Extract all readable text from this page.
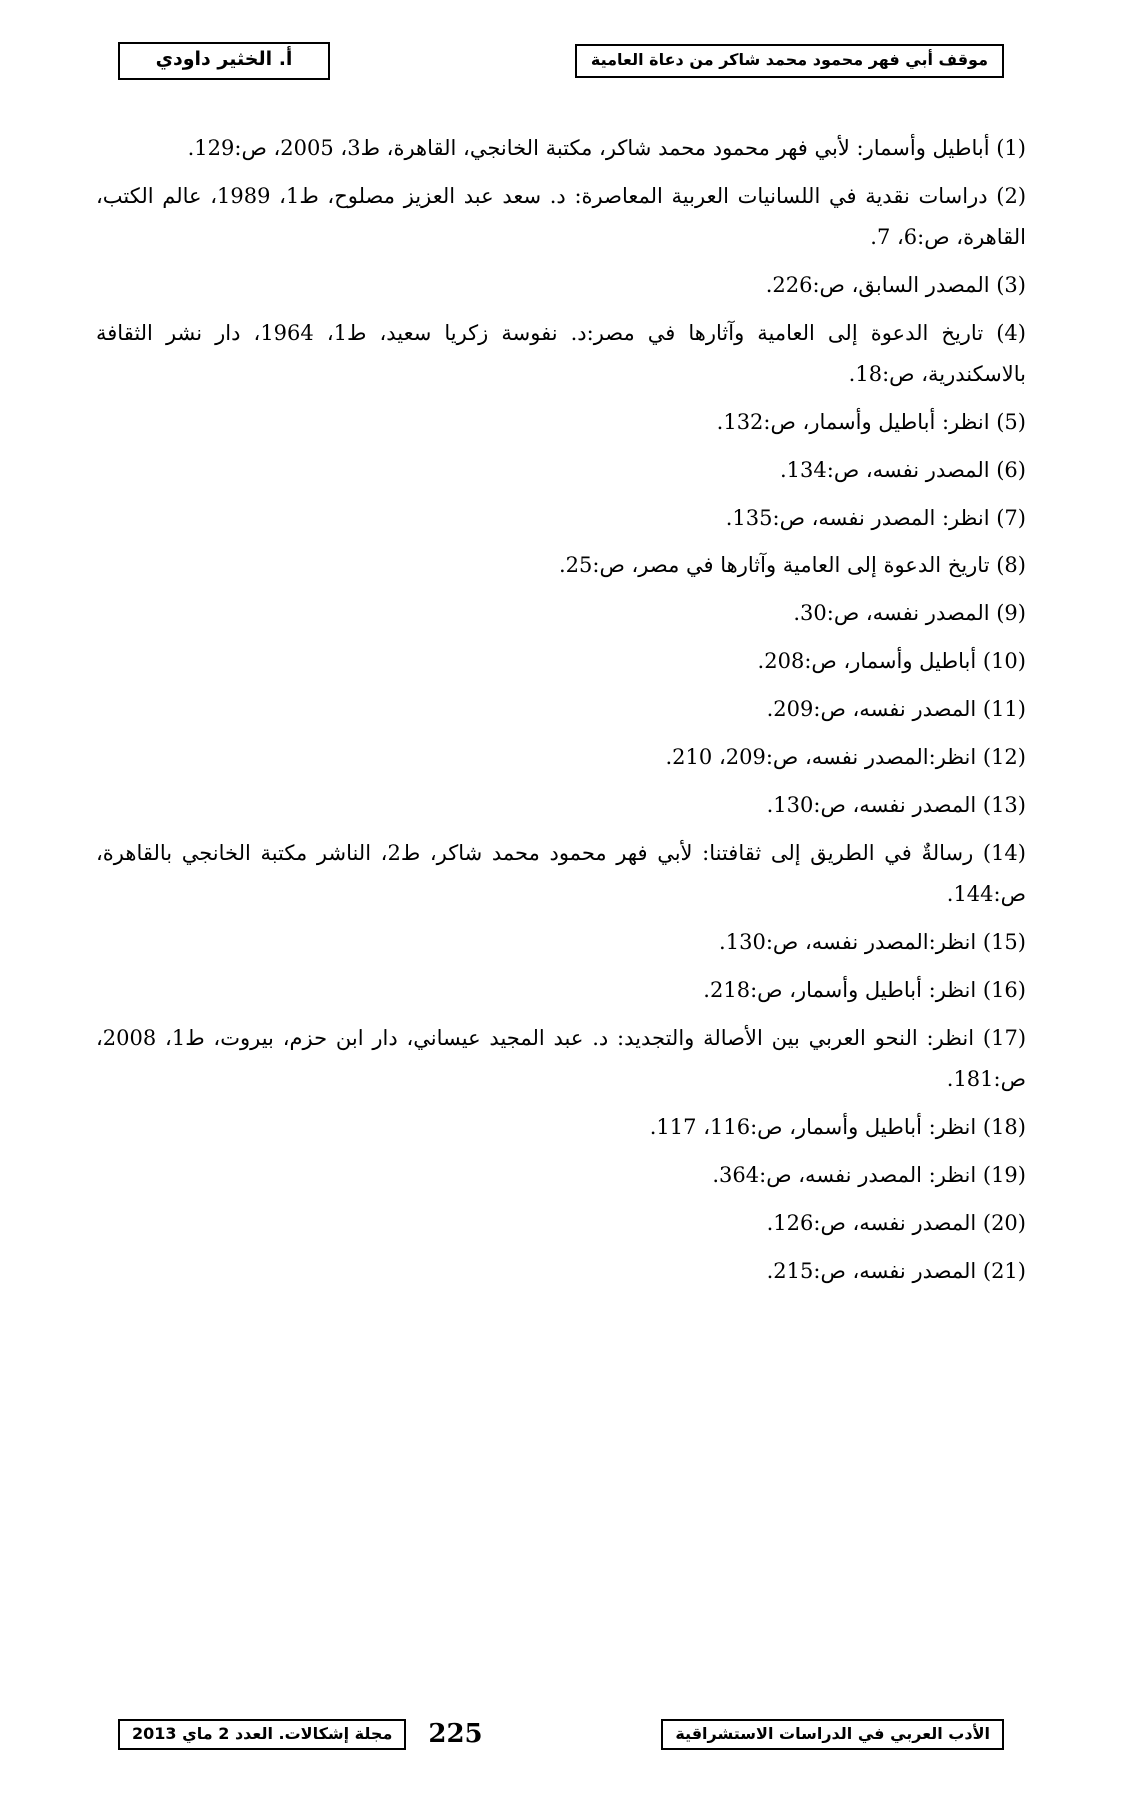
موقف أبي فهر محمود محمد شاكر من دعاة العامية
أ. الخثير داودي

(1) أباطيل وأسمار: لأبي فهر محمود محمد شاكر، مكتبة الخانجي، القاهرة، ط3، 2005، ص:129.

(2) دراسات نقدية في اللسانيات العربية المعاصرة: د. سعد عبد العزيز مصلوح، ط1، 1989، عالم الكتب، القاهرة، ص:6، 7.

(3) المصدر السابق، ص:226.

(4) تاريخ الدعوة إلى العامية وآثارها في مصر:د. نفوسة زكريا سعيد، ط1، 1964، دار نشر الثقافة بالاسكندرية، ص:18.

(5) انظر: أباطيل وأسمار، ص:132.

(6) المصدر نفسه، ص:134.

(7) انظر: المصدر نفسه، ص:135.

(8) تاريخ الدعوة إلى العامية وآثارها في مصر، ص:25.

(9) المصدر نفسه، ص:30.

(10) أباطيل وأسمار، ص:208.

(11) المصدر نفسه، ص:209.

(12) انظر:المصدر نفسه، ص:209، 210.

(13) المصدر نفسه، ص:130.

(14) رسالةٌ في الطريق إلى ثقافتنا: لأبي فهر محمود محمد شاكر، ط2، الناشر مكتبة الخانجي بالقاهرة، ص:144.

(15) انظر:المصدر نفسه، ص:130.

(16) انظر: أباطيل وأسمار، ص:218.

(17) انظر: النحو العربي بين الأصالة والتجديد: د. عبد المجيد عيساني، دار ابن حزم، بيروت، ط1، 2008، ص:181.

(18) انظر: أباطيل وأسمار، ص:116، 117.

(19) انظر: المصدر نفسه، ص:364.

(20) المصدر نفسه، ص:126.

(21) المصدر نفسه، ص:215.

الأدب العربي في الدراسات الاستشراقية
225
مجلة إشكالات. العدد 2 ماي 2013
